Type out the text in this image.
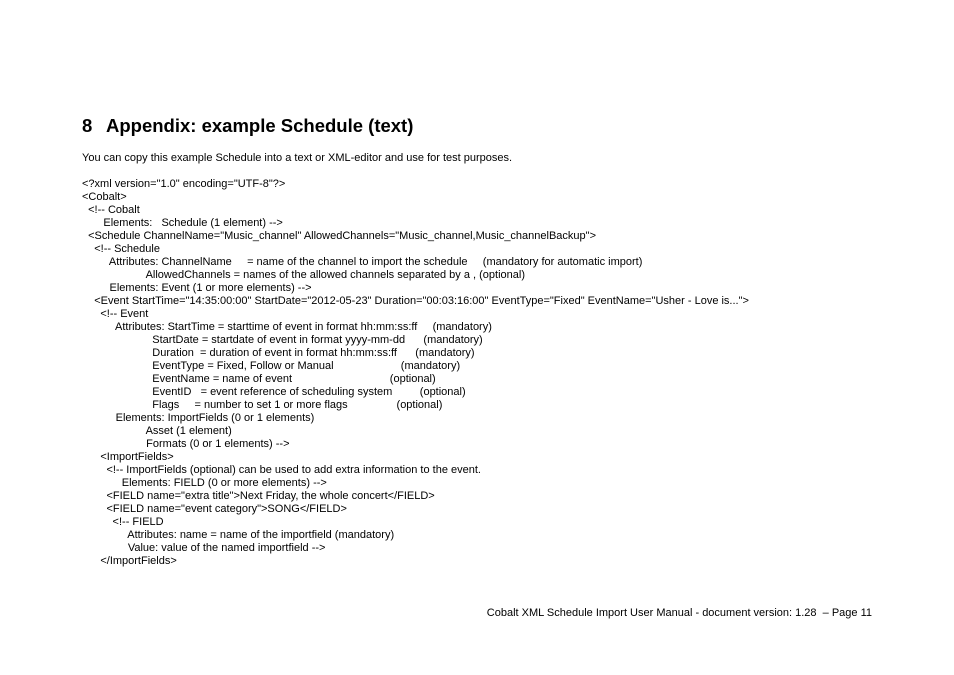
8 Appendix: example Schedule (text)
You can copy this example Schedule into a text or XML-editor and use for test purposes.
<?xml version="1.0" encoding="UTF-8"?>
<Cobalt>
<!-- Cobalt
Elements:   Schedule (1 element) -->
<Schedule ChannelName="Music_channel" AllowedChannels="Music_channel,Music_channelBackup">
<!-- Schedule
Attributes: ChannelName     = name of the channel to import the schedule     (mandatory for automatic import)
AllowedChannels = names of the allowed channels separated by a , (optional)
Elements: Event (1 or more elements) -->
<Event StartTime="14:35:00:00" StartDate="2012-05-23" Duration="00:03:16:00" EventType="Fixed" EventName="Usher - Love is...">
<!-- Event
Attributes: StartTime = starttime of event in format hh:mm:ss:ff     (mandatory)
StartDate = startdate of event in format yyyy-mm-dd      (mandatory)
Duration  = duration of event in format hh:mm:ss:ff      (mandatory)
EventType = Fixed, Follow or Manual                      (mandatory)
EventName = name of event                                (optional)
EventID   = event reference of scheduling system         (optional)
Flags     = number to set 1 or more flags                (optional)
Elements: ImportFields (0 or 1 elements)
Asset (1 element)
Formats (0 or 1 elements) -->
<ImportFields>
<!-- ImportFields (optional) can be used to add extra information to the event.
Elements: FIELD (0 or more elements) -->
<FIELD name="extra title">Next Friday, the whole concert</FIELD>
<FIELD name="event category">SONG</FIELD>
<!-- FIELD
Attributes: name = name of the importfield (mandatory)
Value: value of the named importfield -->
</ImportFields>
Cobalt XML Schedule Import User Manual - document version: 1.28  – Page 11
